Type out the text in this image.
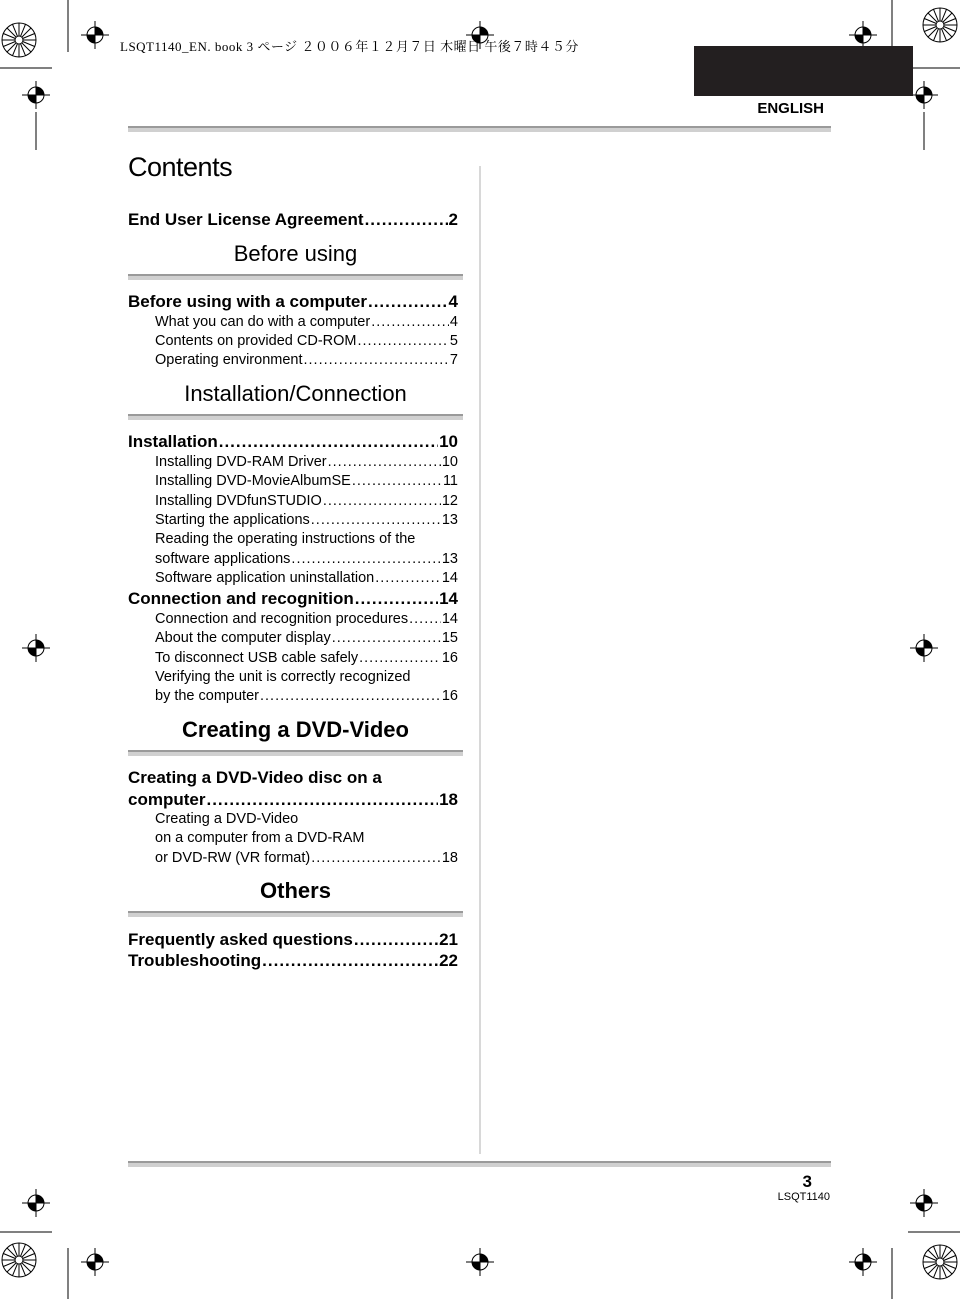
LSQT1140_EN. book 3 ページ ２００６年１２月７日 木曜日 午後７時４５分
ENGLISH
Contents
End User License Agreement .....	2
Before using
Before using with a computer .....	4
What you can do with a computer .....	4
Contents on provided CD-ROM .....	5
Operating environment .....	7
Installation/Connection
Installation .....	10
Installing DVD-RAM Driver .....	10
Installing DVD-MovieAlbumSE .....	11
Installing DVDfunSTUDIO .....	12
Starting the applications .....	13
Reading the operating instructions of the
software applications .....	13
Software application uninstallation .....	14
Connection and recognition .....	14
Connection and recognition procedures ..... 14
About the computer display .....	15
To disconnect USB cable safely .....	16
Verifying the unit is correctly recognized
by the computer .....	16
Creating a DVD-Video
Creating a DVD-Video disc on a
computer .....	18
Creating a DVD-Video
on a computer from a DVD-RAM
or DVD-RW (VR format) .....	18
Others
Frequently asked questions .....	21
Troubleshooting .....	22
3
LSQT1140
